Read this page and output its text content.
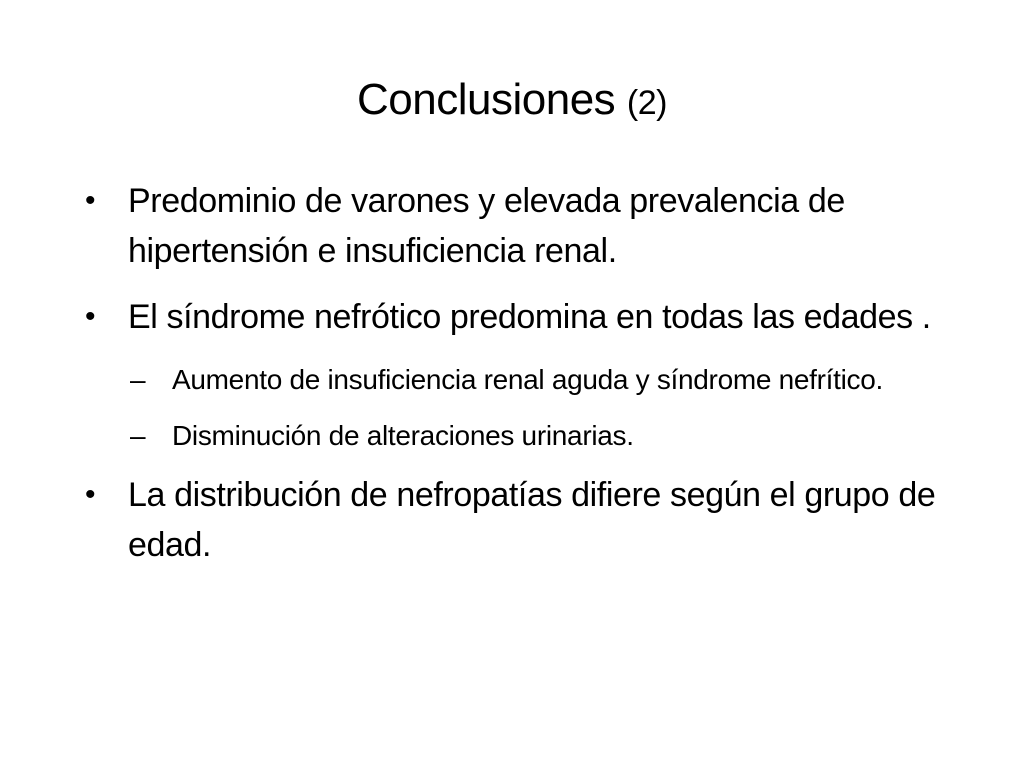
Conclusiones (2)
• Predominio de varones y elevada prevalencia de hipertensión e insuficiencia renal.
• El síndrome nefrótico predomina en todas las edades .
– Aumento de insuficiencia renal aguda y síndrome nefrítico.
– Disminución de alteraciones urinarias.
• La distribución de nefropatías difiere según el grupo de edad.
